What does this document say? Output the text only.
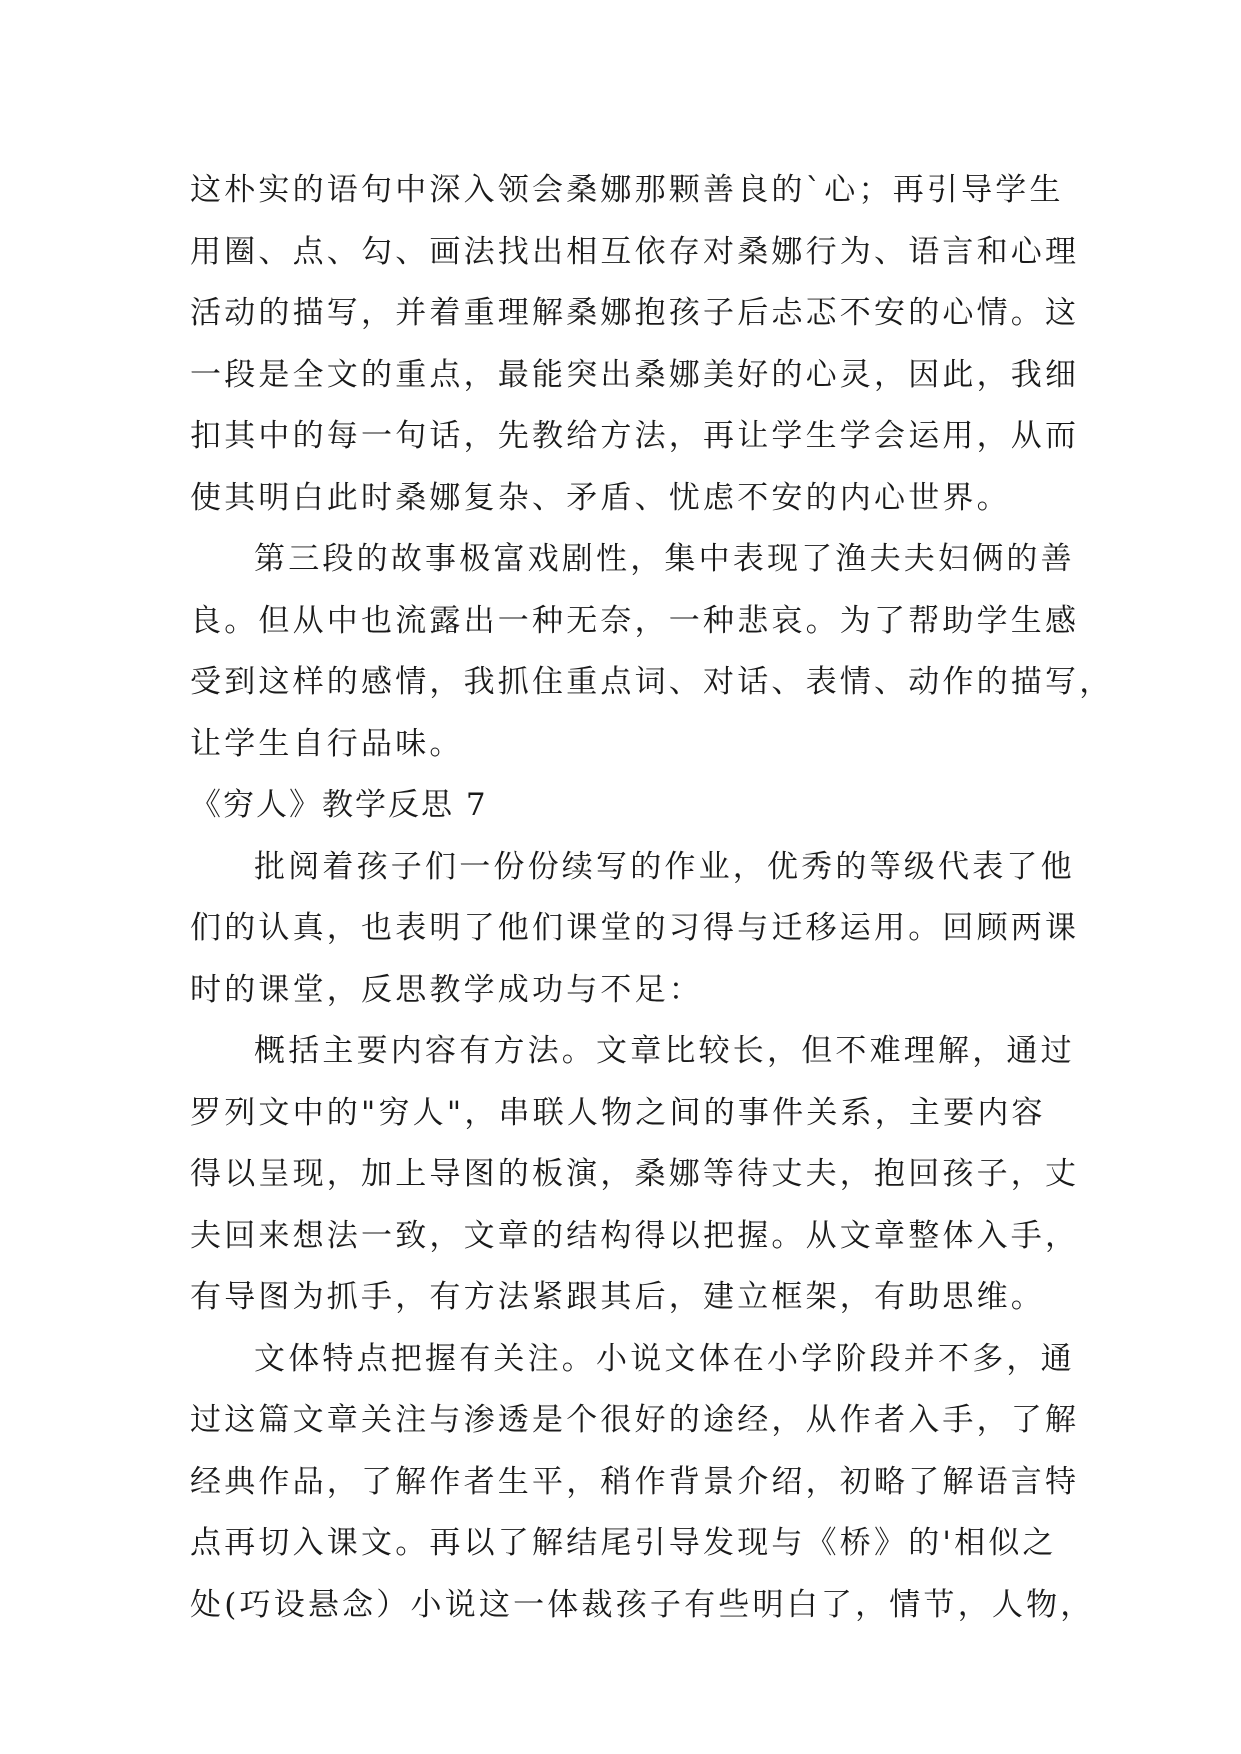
这朴实的语句中深入领会桑娜那颗善良的`心；再引导学生
用圈、点、勾、画法找出相互依存对桑娜行为、语言和心理
活动的描写，并着重理解桑娜抱孩子后忐忑不安的心情。这
一段是全文的重点，最能突出桑娜美好的心灵，因此，我细
扣其中的每一句话，先教给方法，再让学生学会运用，从而
使其明白此时桑娜复杂、矛盾、忧虑不安的内心世界。
第三段的故事极富戏剧性，集中表现了渔夫夫妇俩的善
良。但从中也流露出一种无奈，一种悲哀。为了帮助学生感
受到这样的感情，我抓住重点词、对话、表情、动作的描写，
让学生自行品味。
《穷人》教学反思 7
批阅着孩子们一份份续写的作业，优秀的等级代表了他
们的认真，也表明了他们课堂的习得与迁移运用。回顾两课
时的课堂，反思教学成功与不足：
概括主要内容有方法。文章比较长，但不难理解，通过
罗列文中的"穷人"，串联人物之间的事件关系，主要内容
得以呈现，加上导图的板演，桑娜等待丈夫，抱回孩子，丈
夫回来想法一致，文章的结构得以把握。从文章整体入手，
有导图为抓手，有方法紧跟其后，建立框架，有助思维。
文体特点把握有关注。小说文体在小学阶段并不多，通
过这篇文章关注与渗透是个很好的途经，从作者入手，了解
经典作品，了解作者生平，稍作背景介绍，初略了解语言特
点再切入课文。再以了解结尾引导发现与《桥》的'相似之
处(巧设悬念）小说这一体裁孩子有些明白了，情节，人物，
